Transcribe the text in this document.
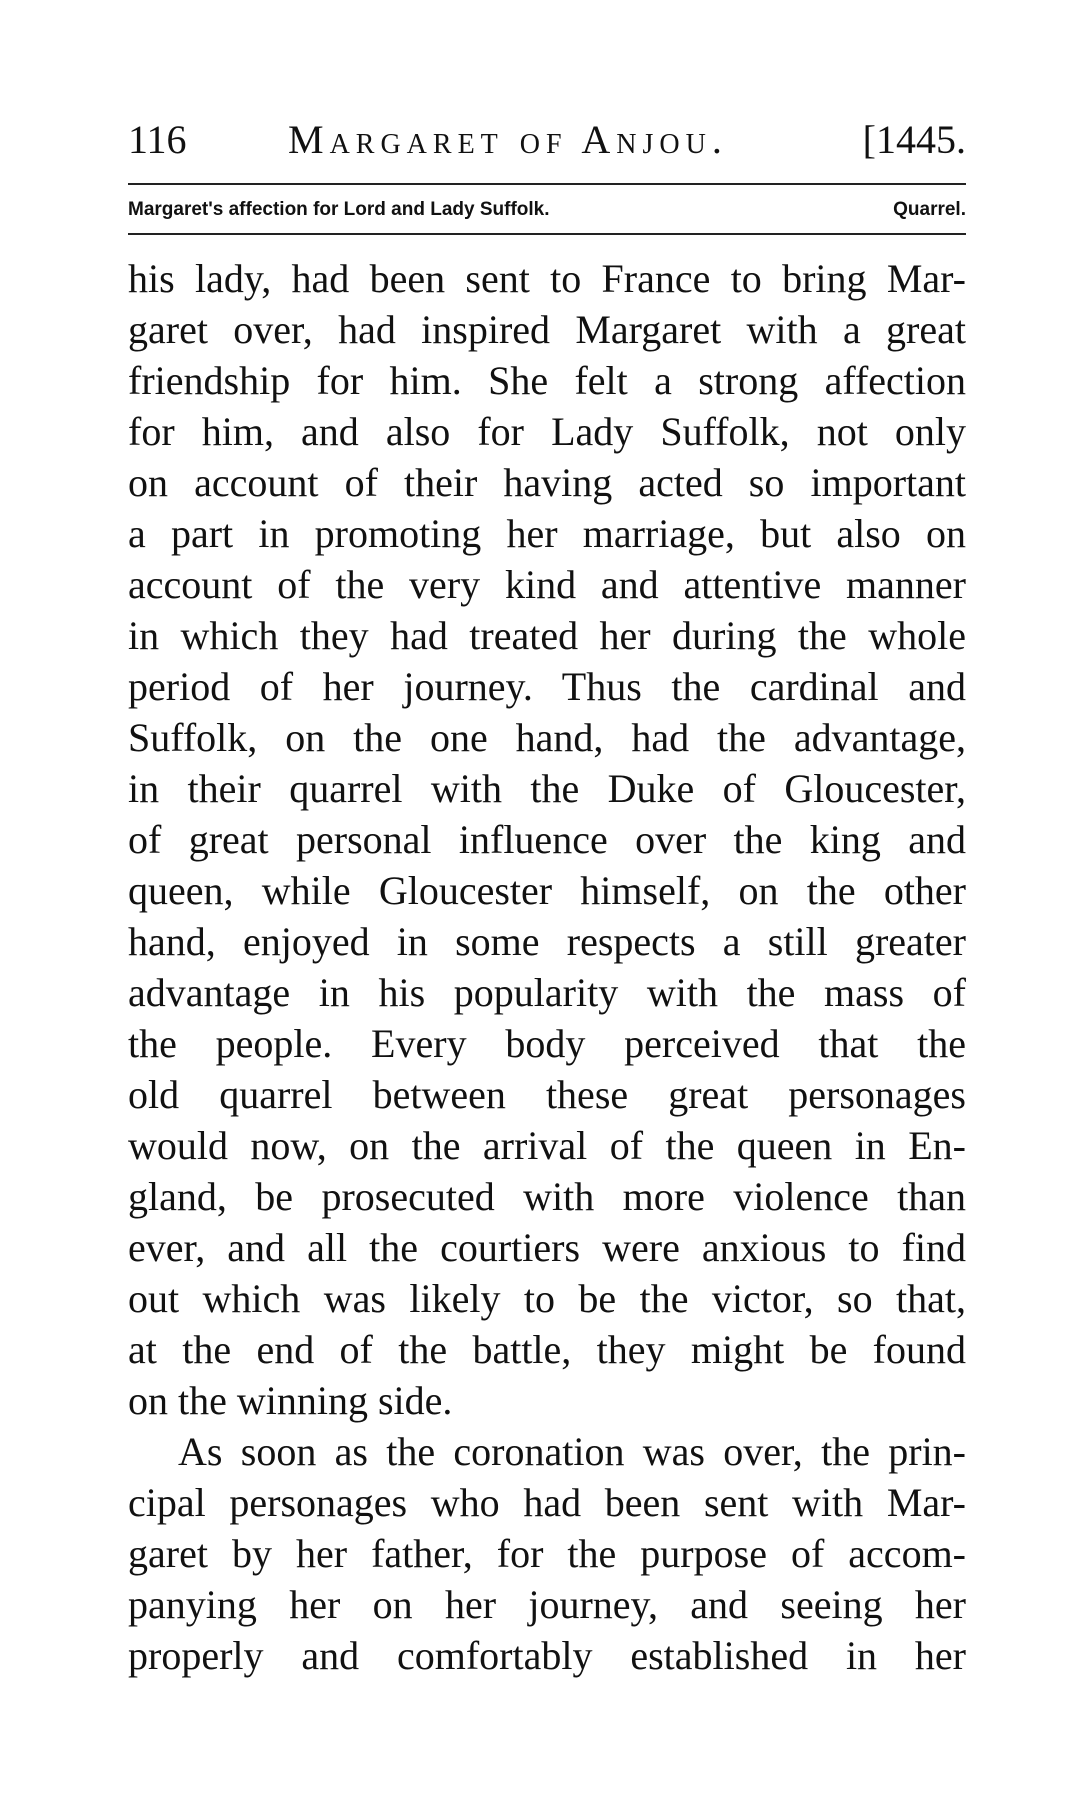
116	Margaret of Anjou.	[1445.
Margaret's affection for Lord and Lady Suffolk.	Quarrel.
his lady, had been sent to France to bring Mar-
garet over, had inspired Margaret with a great
friendship for him. She felt a strong affection
for him, and also for Lady Suffolk, not only
on account of their having acted so important
a part in promoting her marriage, but also on
account of the very kind and attentive manner
in which they had treated her during the whole
period of her journey. Thus the cardinal and
Suffolk, on the one hand, had the advantage,
in their quarrel with the Duke of Gloucester,
of great personal influence over the king and
queen, while Gloucester himself, on the other
hand, enjoyed in some respects a still greater
advantage in his popularity with the mass of
the people. Every body perceived that the
old quarrel between these great personages
would now, on the arrival of the queen in En-
gland, be prosecuted with more violence than
ever, and all the courtiers were anxious to find
out which was likely to be the victor, so that,
at the end of the battle, they might be found
on the winning side.
As soon as the coronation was over, the prin-
cipal personages who had been sent with Mar-
garet by her father, for the purpose of accom-
panying her on her journey, and seeing her
properly and comfortably established in her
